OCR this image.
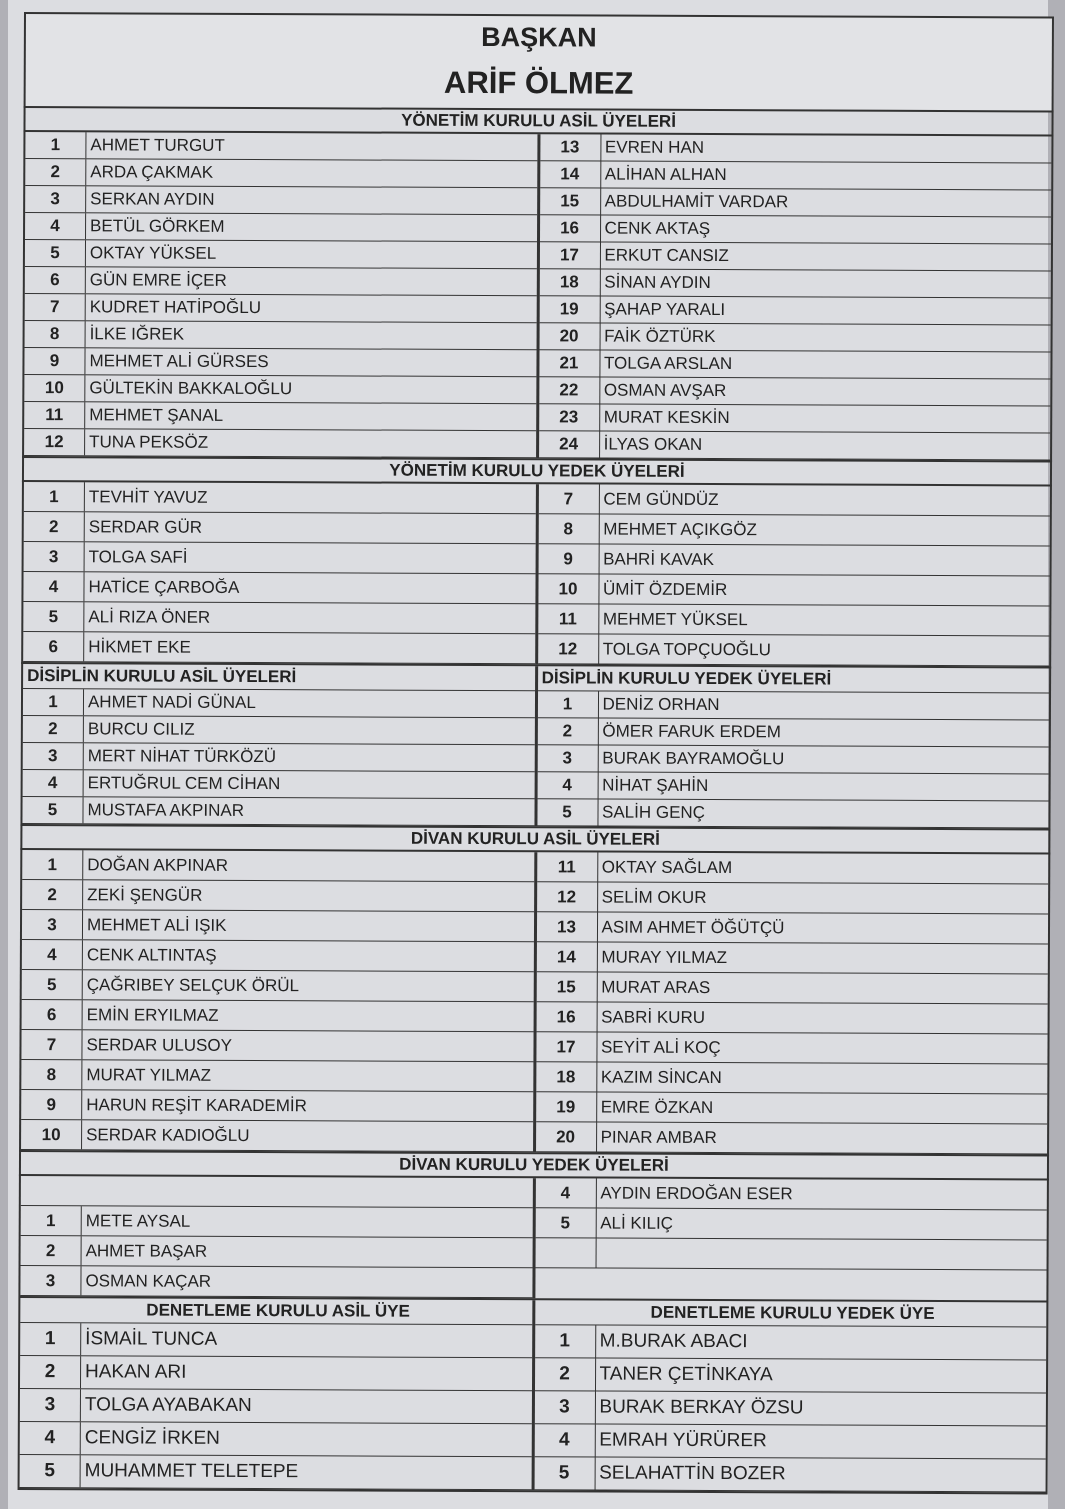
BAŞKAN
ARİF ÖLMEZ
YÖNETİM KURULU ASİL ÜYELERİ
1	AHMET TURGUT
2	ARDA ÇAKMAK
3	SERKAN AYDIN
4	BETÜL GÖRKEM
5	OKTAY YÜKSEL
6	GÜN EMRE İÇER
7	KUDRET HATİPOĞLU
8	İLKE IĞREK
9	MEHMET ALİ GÜRSES
10	GÜLTEKİN BAKKALOĞLU
11	MEHMET ŞANAL
12	TUNA PEKSÖZ
13	EVREN HAN
14	ALİHAN ALHAN
15	ABDULHAMİT VARDAR
16	CENK AKTAŞ
17	ERKUT CANSIZ
18	SİNAN AYDIN
19	ŞAHAP YARALI
20	FAİK ÖZTÜRK
21	TOLGA ARSLAN
22	OSMAN AVŞAR
23	MURAT KESKİN
24	İLYAS OKAN
YÖNETİM KURULU YEDEK ÜYELERİ
1	TEVHİT YAVUZ
2	SERDAR GÜR
3	TOLGA SAFİ
4	HATİCE ÇARBOĞA
5	ALİ RIZA ÖNER
6	HİKMET EKE
7	CEM GÜNDÜZ
8	MEHMET AÇIKGÖZ
9	BAHRİ KAVAK
10	ÜMİT ÖZDEMİR
11	MEHMET YÜKSEL
12	TOLGA TOPÇUOĞLU
DİSİPLİN KURULU ASİL ÜYELERİ
1	AHMET NADİ GÜNAL
2	BURCU CILIZ
3	MERT NİHAT TÜRKÖZÜ
4	ERTUĞRUL CEM CİHAN
5	MUSTAFA AKPINAR
DİSİPLİN KURULU YEDEK ÜYELERİ
1	DENİZ ORHAN
2	ÖMER FARUK ERDEM
3	BURAK BAYRAMOĞLU
4	NİHAT ŞAHİN
5	SALİH GENÇ
DİVAN KURULU ASİL ÜYELERİ
1	DOĞAN AKPINAR
2	ZEKİ ŞENGÜR
3	MEHMET ALİ IŞIK
4	CENK ALTINTAŞ
5	ÇAĞRIBEY SELÇUK ÖRÜL
6	EMİN ERYILMAZ
7	SERDAR ULUSOY
8	MURAT YILMAZ
9	HARUN REŞİT KARADEMİR
10	SERDAR KADIOĞLU
11	OKTAY SAĞLAM
12	SELİM OKUR
13	ASIM AHMET ÖĞÜTÇÜ
14	MURAY YILMAZ
15	MURAT ARAS
16	SABRİ KURU
17	SEYİT ALİ KOÇ
18	KAZIM SİNCAN
19	EMRE ÖZKAN
20	PINAR AMBAR
DİVAN KURULU YEDEK ÜYELERİ
1	METE AYSAL
2	AHMET BAŞAR
3	OSMAN KAÇAR
4	AYDIN ERDOĞAN ESER
5	ALİ KILIÇ
DENETLEME KURULU ASİL ÜYE
1	İSMAİL TUNCA
2	HAKAN ARI
3	TOLGA AYABAKAN
4	CENGİZ İRKEN
5	MUHAMMET TELETEPE
DENETLEME KURULU YEDEK ÜYE
1	M.BURAK ABACI
2	TANER ÇETİNKAYA
3	BURAK BERKAY ÖZSU
4	EMRAH YÜRÜRER
5	SELAHATTİN BOZER
